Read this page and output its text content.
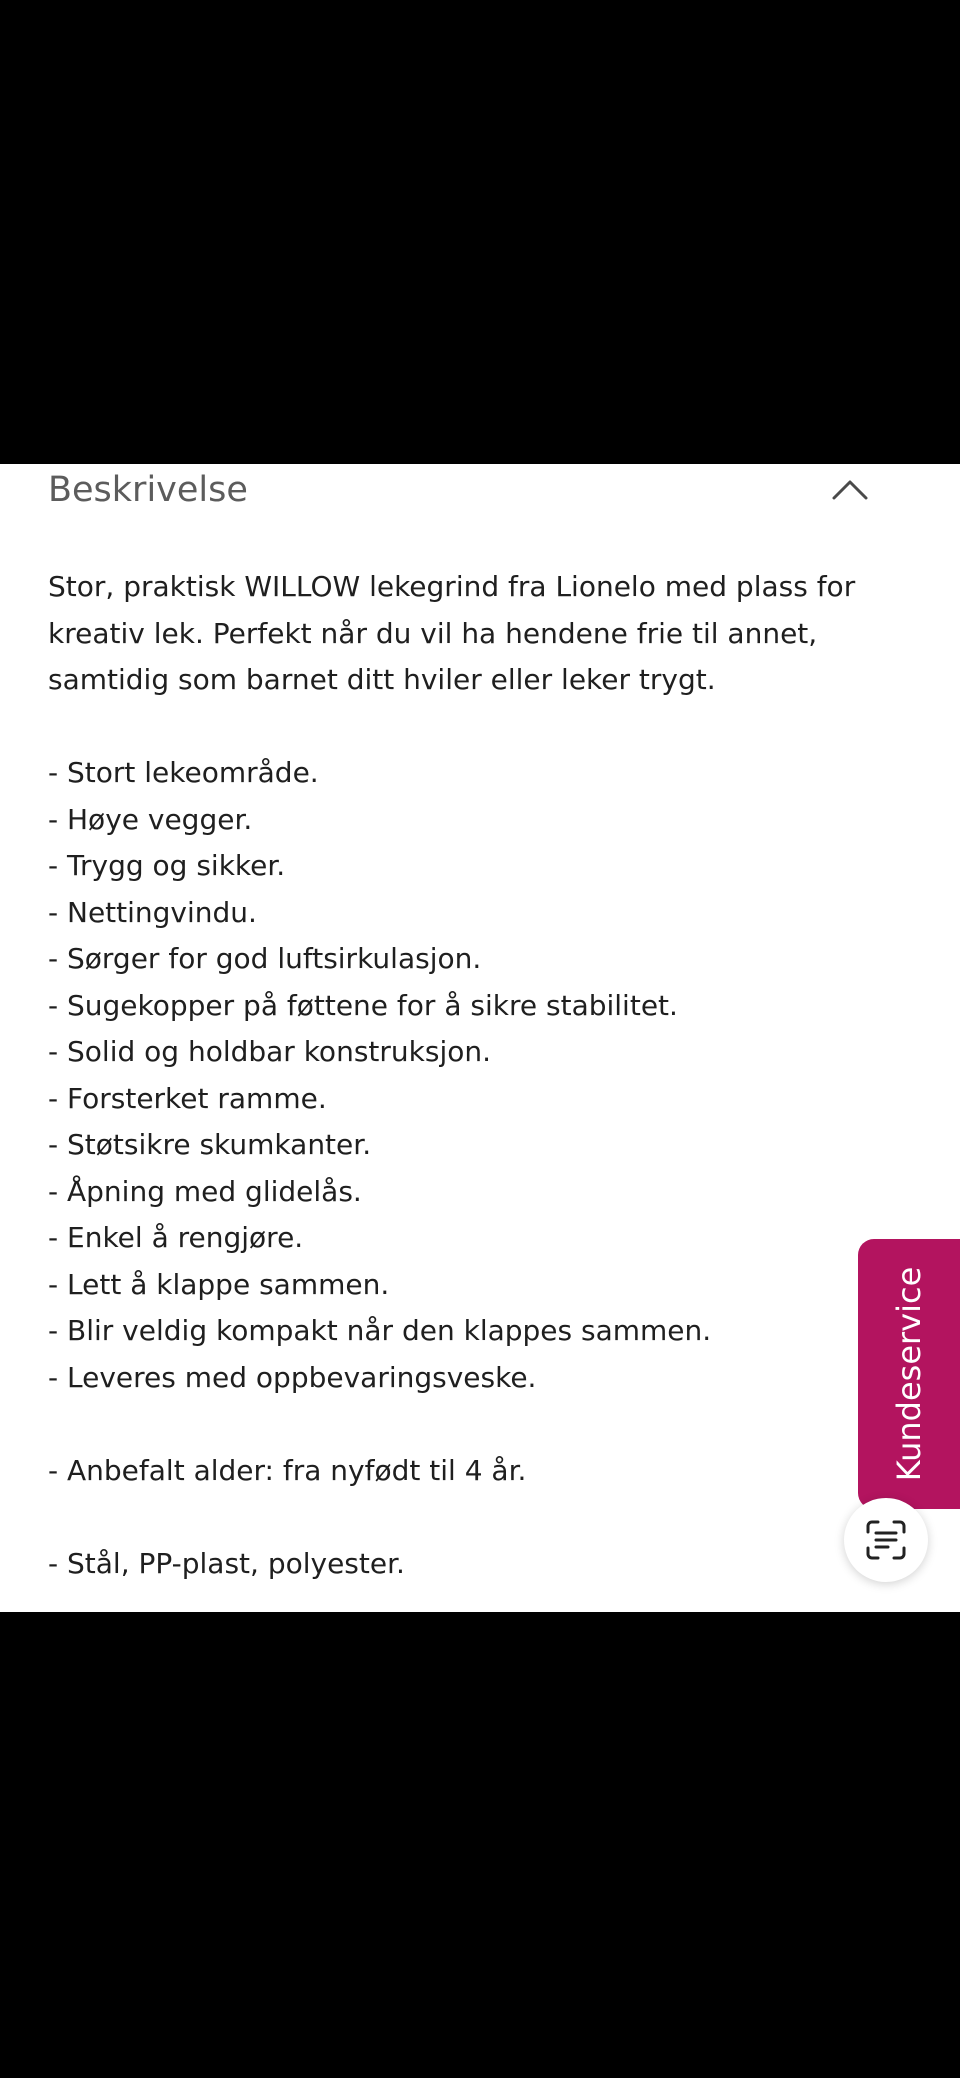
Beskrivelse
Stor, praktisk WILLOW lekegrind fra Lionelo med plass for
kreativ lek. Perfekt når du vil ha hendene frie til annet,
samtidig som barnet ditt hviler eller leker trygt.

- Stort lekeområde.
- Høye vegger.
- Trygg og sikker.
- Nettingvindu.
- Sørger for god luftsirkulasjon.
- Sugekopper på føttene for å sikre stabilitet.
- Solid og holdbar konstruksjon.
- Forsterket ramme.
- Støtsikre skumkanter.
- Åpning med glidelås.
- Enkel å rengjøre.
- Lett å klappe sammen.
- Blir veldig kompakt når den klappes sammen.
- Leveres med oppbevaringsveske.

- Anbefalt alder: fra nyfødt til 4 år.

- Stål, PP-plast, polyester.
Kundeservice
